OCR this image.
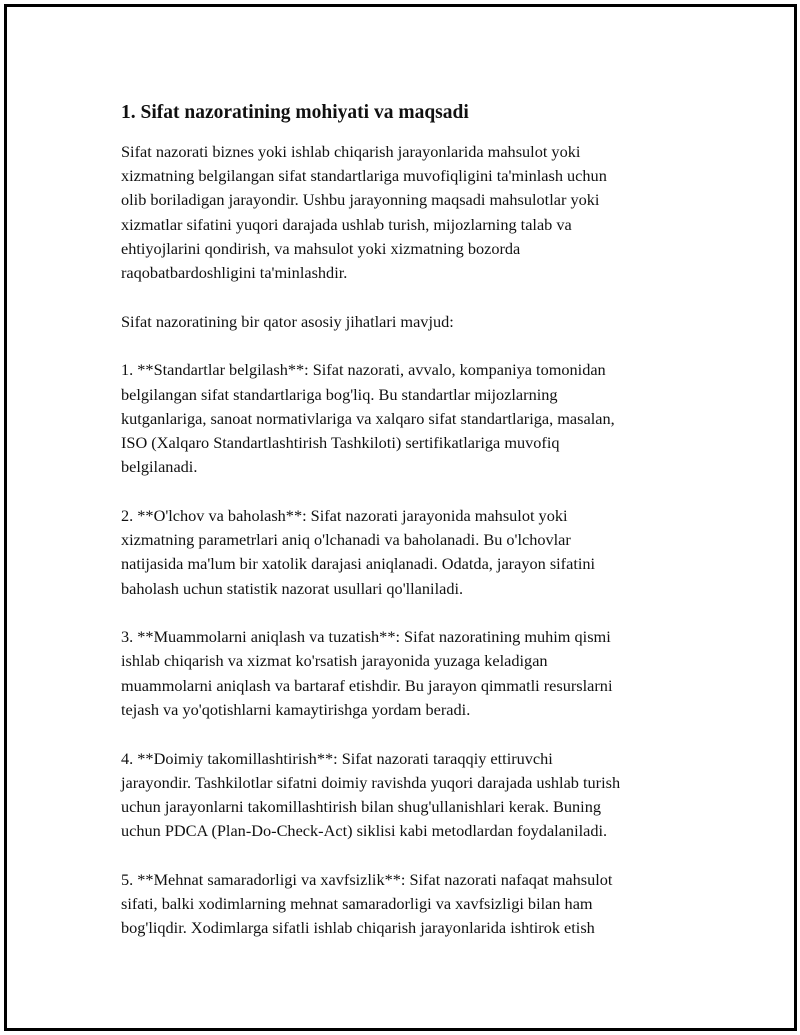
1. Sifat nazoratining mohiyati va maqsadi

Sifat nazorati biznes yoki ishlab chiqarish jarayonlarida mahsulot yoki
xizmatning belgilangan sifat standartlariga muvofiqligini ta'minlash uchun
olib boriladigan jarayondir. Ushbu jarayonning maqsadi mahsulotlar yoki
xizmatlar sifatini yuqori darajada ushlab turish, mijozlarning talab va
ehtiyojlarini qondirish, va mahsulot yoki xizmatning bozorda
raqobatbardoshligini ta'minlashdir.

Sifat nazoratining bir qator asosiy jihatlari mavjud:

1. **Standartlar belgilash**: Sifat nazorati, avvalo, kompaniya tomonidan
belgilangan sifat standartlariga bog'liq. Bu standartlar mijozlarning
kutganlariga, sanoat normativlariga va xalqaro sifat standartlariga, masalan,
ISO (Xalqaro Standartlashtirish Tashkiloti) sertifikatlariga muvofiq
belgilanadi.

2. **O'lchov va baholash**: Sifat nazorati jarayonida mahsulot yoki
xizmatning parametrlari aniq o'lchanadi va baholanadi. Bu o'lchovlar
natijasida ma'lum bir xatolik darajasi aniqlanadi. Odatda, jarayon sifatini
baholash uchun statistik nazorat usullari qo'llaniladi.

3. **Muammolarni aniqlash va tuzatish**: Sifat nazoratining muhim qismi
ishlab chiqarish va xizmat ko'rsatish jarayonida yuzaga keladigan
muammolarni aniqlash va bartaraf etishdir. Bu jarayon qimmatli resurslarni
tejash va yo'qotishlarni kamaytirishga yordam beradi.

4. **Doimiy takomillashtirish**: Sifat nazorati taraqqiy ettiruvchi
jarayondir. Tashkilotlar sifatni doimiy ravishda yuqori darajada ushlab turish
uchun jarayonlarni takomillashtirish bilan shug'ullanishlari kerak. Buning
uchun PDCA (Plan-Do-Check-Act) siklisi kabi metodlardan foydalaniladi.

5. **Mehnat samaradorligi va xavfsizlik**: Sifat nazorati nafaqat mahsulot
sifati, balki xodimlarning mehnat samaradorligi va xavfsizligi bilan ham
bog'liqdir. Xodimlarga sifatli ishlab chiqarish jarayonlarida ishtirok etish
